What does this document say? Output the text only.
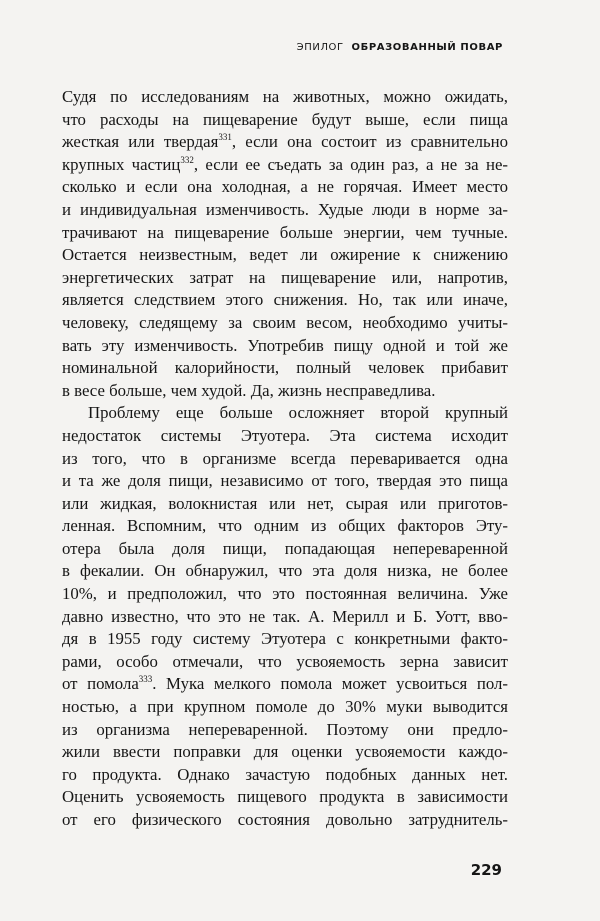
ЭПИЛОГ ОБРАЗОВАННЫЙ ПОВАР
Судя по исследованиям на животных, можно ожидать,
что расходы на пищеварение будут выше, если пища
жесткая или твердая$^{331}$, если она состоит из сравнительно
крупных частиц$^{332}$, если ее съедать за один раз, а не за не-
сколько и если она холодная, а не горячая. Имеет место
и индивидуальная изменчивость. Худые люди в норме за-
трачивают на пищеварение больше энергии, чем тучные.
Остается неизвестным, ведет ли ожирение к снижению
энергетических затрат на пищеварение или, напротив,
является следствием этого снижения. Но, так или иначе,
человеку, следящему за своим весом, необходимо учиты-
вать эту изменчивость. Употребив пищу одной и той же
номинальной калорийности, полный человек прибавит
в весе больше, чем худой. Да, жизнь несправедлива.
Проблему еще больше осложняет второй крупный
недостаток системы Этуотера. Эта система исходит
из того, что в организме всегда переваривается одна
и та же доля пищи, независимо от того, твердая это пища
или жидкая, волокнистая или нет, сырая или приготов-
ленная. Вспомним, что одним из общих факторов Эту-
отера была доля пищи, попадающая непереваренной
в фекалии. Он обнаружил, что эта доля низка, не более
10%, и предположил, что это постоянная величина. Уже
давно известно, что это не так. А. Мерилл и Б. Уотт, вво-
дя в 1955 году систему Этуотера с конкретными факто-
рами, особо отмечали, что усвояемость зерна зависит
от помола$^{333}$. Мука мелкого помола может усвоиться пол-
ностью, а при крупном помоле до 30% муки выводится
из организма непереваренной. Поэтому они предло-
жили ввести поправки для оценки усвояемости каждо-
го продукта. Однако зачастую подобных данных нет.
Оценить усвояемость пищевого продукта в зависимости
от его физического состояния довольно затруднитель-
229
